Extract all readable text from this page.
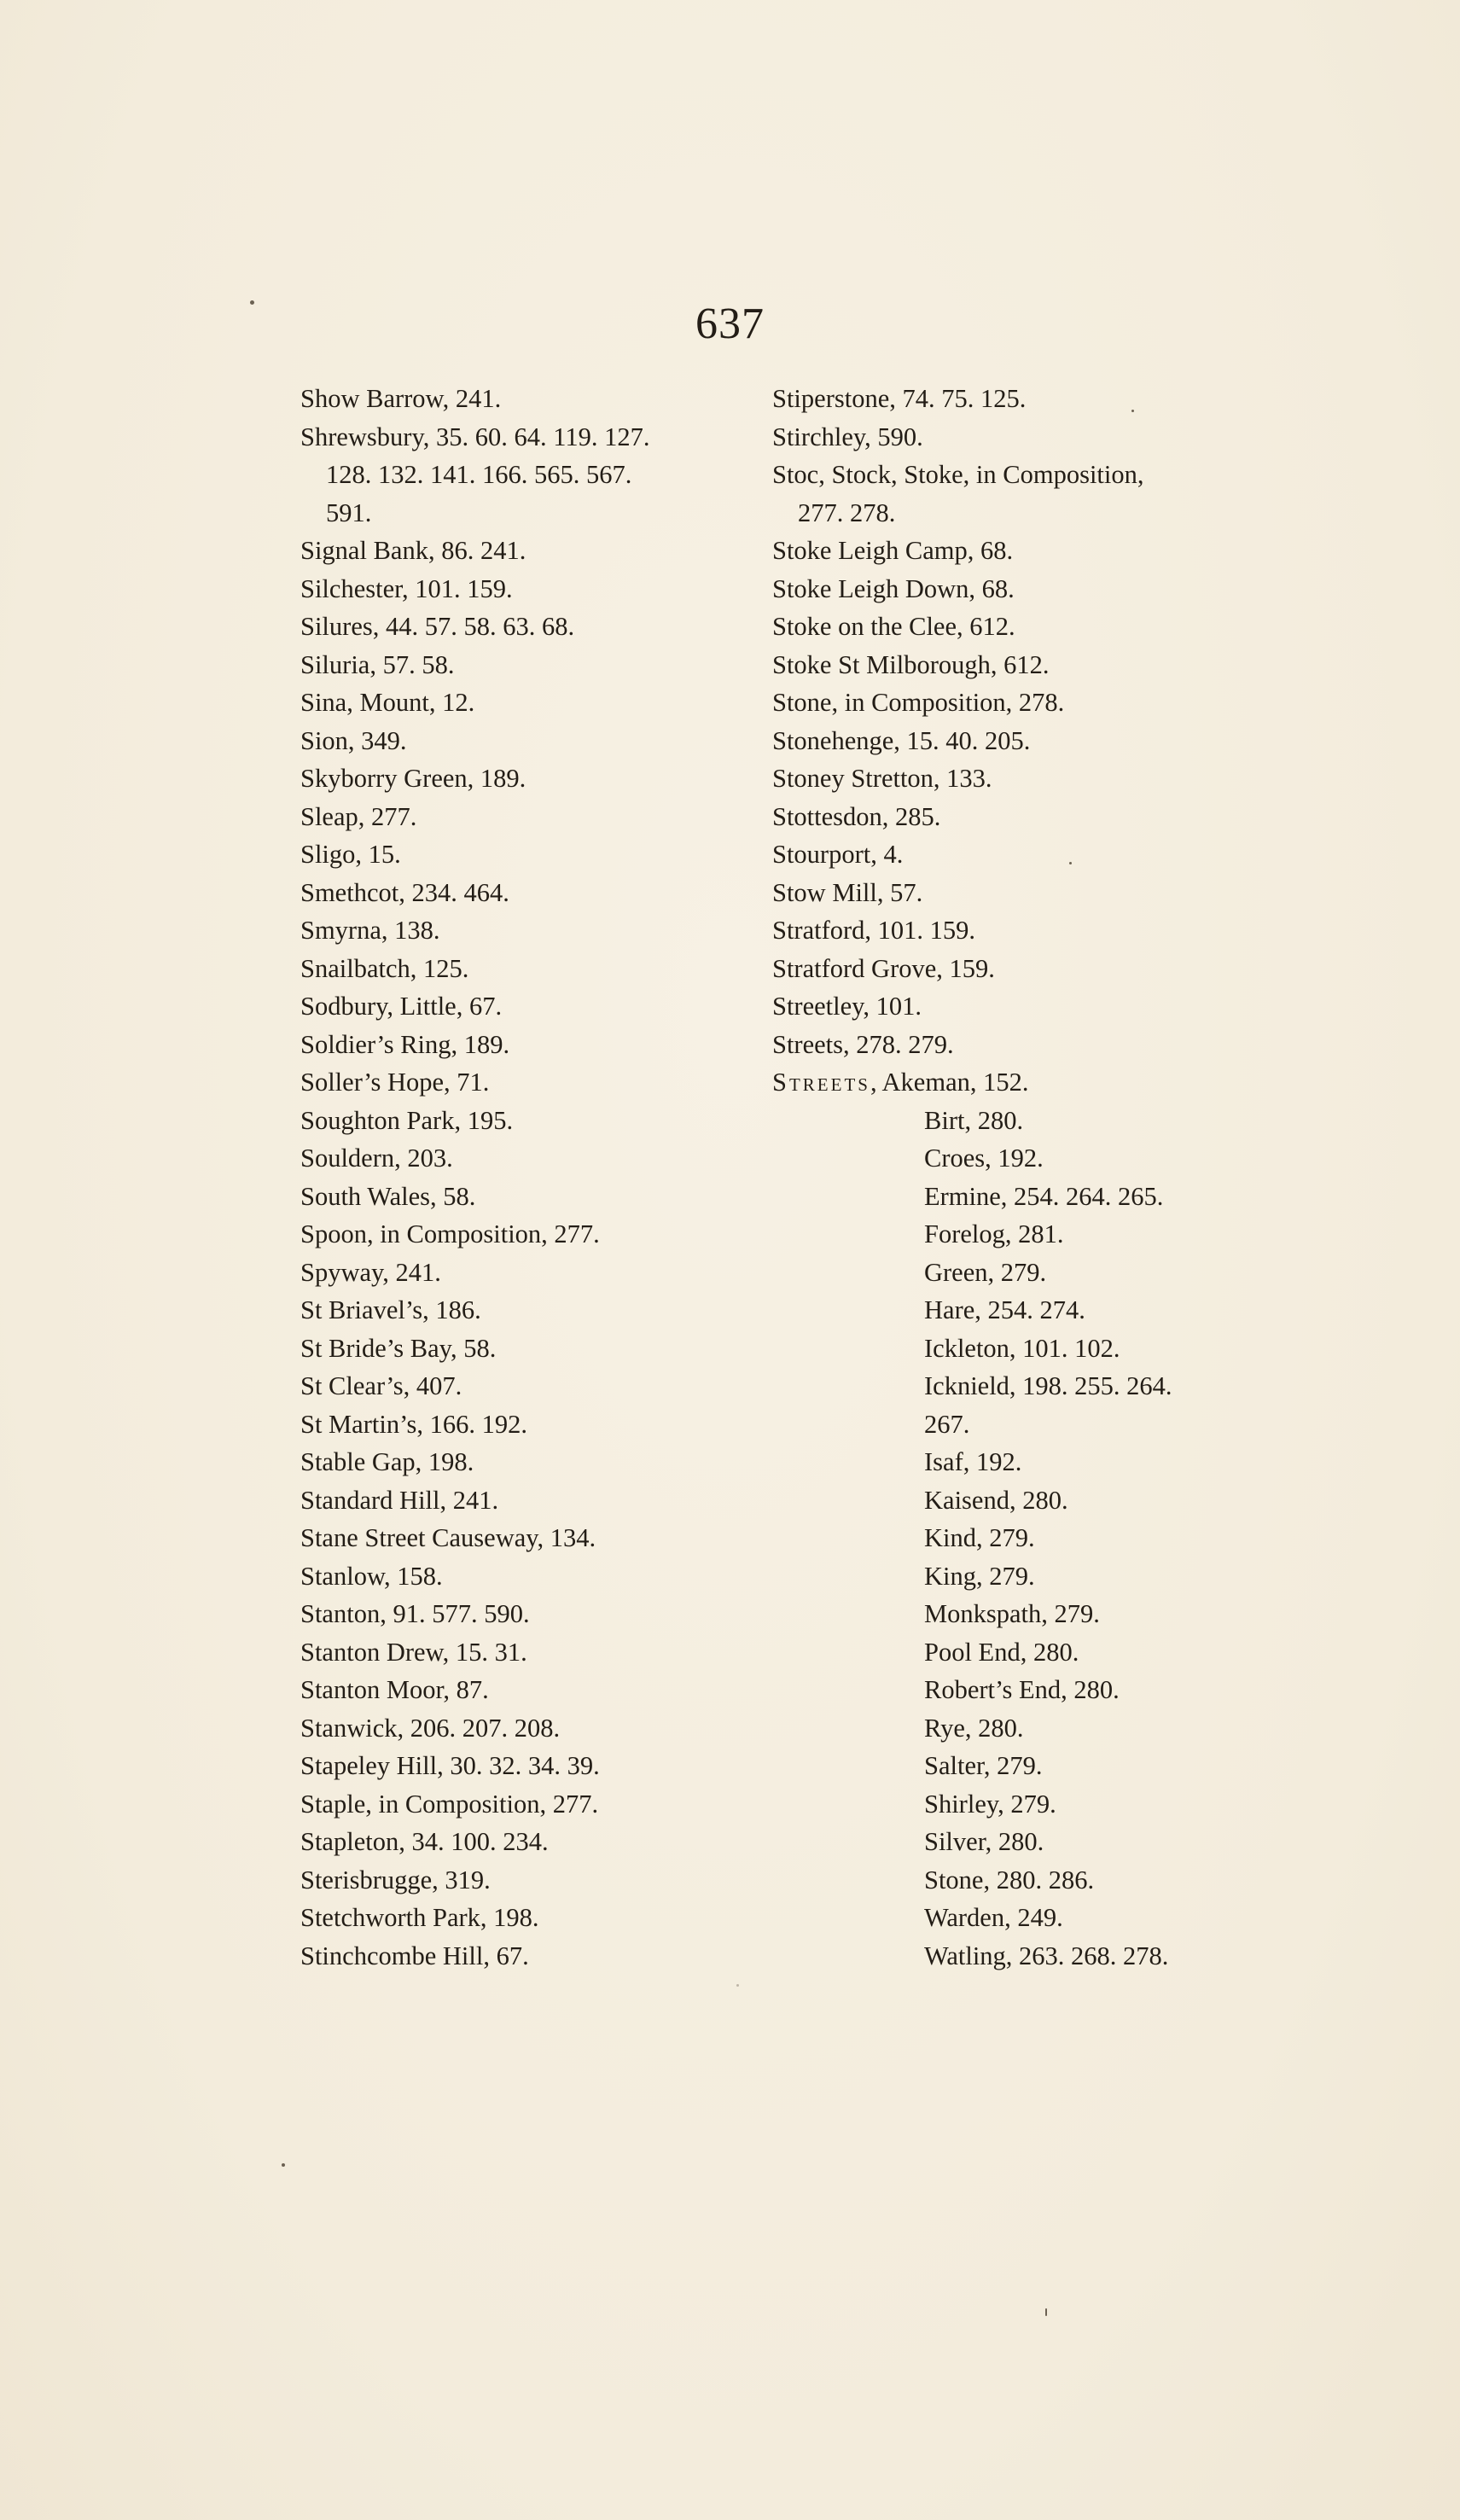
637
Show Barrow, 241.
Shrewsbury, 35. 60. 64. 119. 127.
128. 132. 141. 166. 565. 567.
591.
Signal Bank, 86. 241.
Silchester, 101. 159.
Silures, 44. 57. 58. 63. 68.
Siluria, 57. 58.
Sina, Mount, 12.
Sion, 349.
Skyborry Green, 189.
Sleap, 277.
Sligo, 15.
Smethcot, 234. 464.
Smyrna, 138.
Snailbatch, 125.
Sodbury, Little, 67.
Soldier’s Ring, 189.
Soller’s Hope, 71.
Soughton Park, 195.
Souldern, 203.
South Wales, 58.
Spoon, in Composition, 277.
Spyway, 241.
St Briavel’s, 186.
St Bride’s Bay, 58.
St Clear’s, 407.
St Martin’s, 166. 192.
Stable Gap, 198.
Standard Hill, 241.
Stane Street Causeway, 134.
Stanlow, 158.
Stanton, 91. 577. 590.
Stanton Drew, 15. 31.
Stanton Moor, 87.
Stanwick, 206. 207. 208.
Stapeley Hill, 30. 32. 34. 39.
Staple, in Composition, 277.
Stapleton, 34. 100. 234.
Sterisbrugge, 319.
Stetchworth Park, 198.
Stinchcombe Hill, 67.
Stiperstone, 74. 75. 125.
Stirchley, 590.
Stoc, Stock, Stoke, in Composition,
277. 278.
Stoke Leigh Camp, 68.
Stoke Leigh Down, 68.
Stoke on the Clee, 612.
Stoke St Milborough, 612.
Stone, in Composition, 278.
Stonehenge, 15. 40. 205.
Stoney Stretton, 133.
Stottesdon, 285.
Stourport, 4.
Stow Mill, 57.
Stratford, 101. 159.
Stratford Grove, 159.
Streetley, 101.
Streets, 278. 279.
Streets, Akeman, 152.
Birt, 280.
Croes, 192.
Ermine, 254. 264. 265.
Forelog, 281.
Green, 279.
Hare, 254. 274.
Ickleton, 101. 102.
Icknield, 198. 255. 264.
267.
Isaf, 192.
Kaisend, 280.
Kind, 279.
King, 279.
Monkspath, 279.
Pool End, 280.
Robert’s End, 280.
Rye, 280.
Salter, 279.
Shirley, 279.
Silver, 280.
Stone, 280. 286.
Warden, 249.
Watling, 263. 268. 278.
